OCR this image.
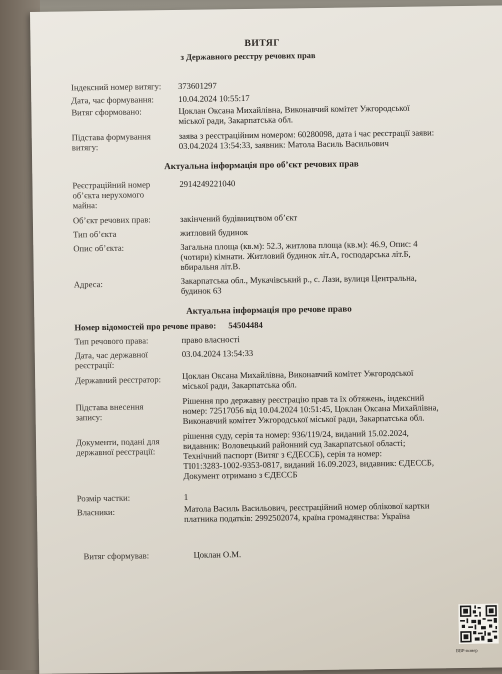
ВИТЯГ
з Державного реєстру речових прав
Індексний номер витягу: 373601297
Дата, час формування:	10.04.2024 10:55:17
Витяг сформовано:	Цоклан Оксана Михайлівна, Виконавчий комітет Ужгородської
міської ради, Закарпатська обл.
Підстава формування
витягу:
заява з реєстраційним номером: 60280098, дата і час реєстрації заяви:
03.04.2024 13:54:33, заявник: Матола Василь Васильович
Актуальна інформація про об’єкт речових прав
Реєстраційний номер
об’єкта нерухомого
майна:
2914249221040
Об’єкт речових прав:	закінчений будівництвом об’єкт
Тип об’єкта	житловий будинок
Опис об’єкта:	Загальна площа (кв.м): 52.3, житлова площа (кв.м): 46.9, Опис: 4
(чотири) кімнати. Житловий будинок літ.А, господарська літ.Б,
вбиральня літ.В.
Адреса:	Закарпатська обл., Мукачівський р., с. Лази, вулиця Центральна,
будинок 63
Актуальна інформація про речове право
Номер відомостей про речове право: 54504484
Тип речового права:	право власності
Дата, час державної
реєстрації:
03.04.2024 13:54:33
Державний реєстратор: Цоклан Оксана Михайлівна, Виконавчий комітет Ужгородської
міської ради, Закарпатська обл.
Підстава внесення
запису:
Рішення про державну реєстрацію прав та їх обтяжень, індексний
номер: 72517056 від 10.04.2024 10:51:45, Цоклан Оксана Михайлівна,
Виконавчий комітет Ужгородської міської ради, Закарпатська обл.
Документи, подані для
державної реєстрації:
рішення суду, серія та номер: 936/119/24, виданий 15.02.2024,
видавник: Воловецький районний суд Закарпатської області;
Технічний паспорт (Витяг з ЄДЕССБ), серія та номер:
ТІ01:3283-1002-9353-0817, виданий 16.09.2023, видавник: ЄДЕССБ,
Документ отримано з ЄДЕССБ
Розмір частки:	1
Власники:	Матола Василь Васильович, реєстраційний номер облікової картки
платника податків: 2992502074, країна громадянства: Україна
Витяг сформував:	Цоклан О.М.
ВВР-номер
